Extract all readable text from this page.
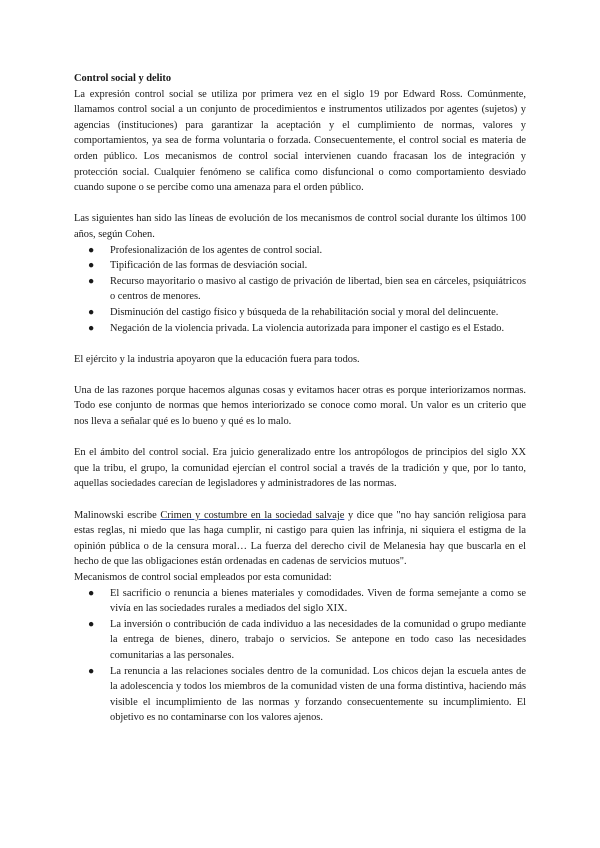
Control social y delito

La expresión control social se utiliza por primera vez en el siglo 19 por Edward Ross. Comúnmente, llamamos control social a un conjunto de procedimientos e instrumentos utilizados por agentes (sujetos) y agencias (instituciones) para garantizar la aceptación y el cumplimiento de normas, valores y comportamientos, ya sea de forma voluntaria o forzada. Consecuentemente, el control social es materia de orden público. Los mecanismos de control social intervienen cuando fracasan los de integración y protección social. Cualquier fenómeno se califica como disfuncional o como comportamiento desviado cuando supone o se percibe como una amenaza para el orden público.

Las siguientes han sido las líneas de evolución de los mecanismos de control social durante los últimos 100 años, según Cohen.

● Profesionalización de los agentes de control social.
● Tipificación de las formas de desviación social.
● Recurso mayoritario o masivo al castigo de privación de libertad, bien sea en cárceles, psiquiátricos o centros de menores.
● Disminución del castigo físico y búsqueda de la rehabilitación social y moral del delincuente.
● Negación de la violencia privada. La violencia autorizada para imponer el castigo es el Estado.

El ejército y la industria apoyaron que la educación fuera para todos.

Una de las razones porque hacemos algunas cosas y evitamos hacer otras es porque interiorizamos normas. Todo ese conjunto de normas que hemos interiorizado se conoce como moral. Un valor es un criterio que nos lleva a señalar qué es lo bueno y qué es lo malo.

En el ámbito del control social. Era juicio generalizado entre los antropólogos de principios del siglo XX que la tribu, el grupo, la comunidad ejercían el control social a través de la tradición y que, por lo tanto, aquellas sociedades carecían de legisladores y administradores de las normas.

Malinowski escribe Crimen y costumbre en la sociedad salvaje y dice que "no hay sanción religiosa para estas reglas, ni miedo que las haga cumplir, ni castigo para quien las infrinja, ni siquiera el estigma de la opinión pública o de la censura moral… La fuerza del derecho civil de Melanesia hay que buscarla en el hecho de que las obligaciones están ordenadas en cadenas de servicios mutuos".

Mecanismos de control social empleados por esta comunidad:

● El sacrificio o renuncia a bienes materiales y comodidades. Viven de forma semejante a como se vivía en las sociedades rurales a mediados del siglo XIX.
● La inversión o contribución de cada individuo a las necesidades de la comunidad o grupo mediante la entrega de bienes, dinero, trabajo o servicios. Se antepone en todo caso las necesidades comunitarias a las personales.
● La renuncia a las relaciones sociales dentro de la comunidad. Los chicos dejan la escuela antes de la adolescencia y todos los miembros de la comunidad visten de una forma distintiva, haciendo más visible el incumplimiento de las normas y forzando consecuentemente su incumplimiento. El objetivo es no contaminarse con los valores ajenos.
